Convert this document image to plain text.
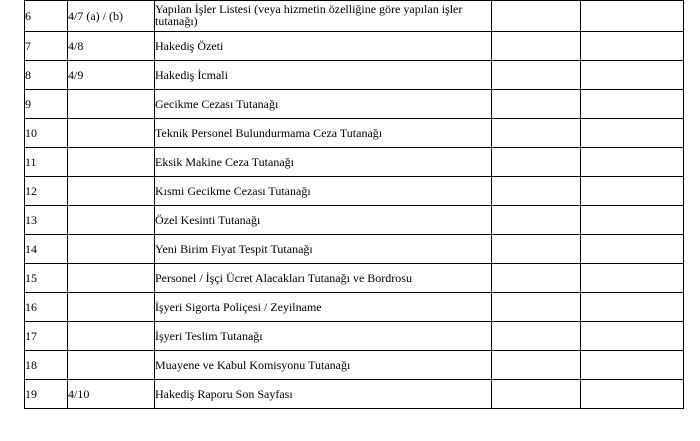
6	4/7 (a) / (b)	Yapılan İşler Listesi (veya hizmetin özelliğine göre yapılan işler tutanağı)		
7	4/8	Hakediş Özeti		
8	4/9	Hakediş İcmali		
9		Gecikme Cezası Tutanağı		
10		Teknik Personel Bulundurmama Ceza Tutanağı		
11		Eksik Makine Ceza Tutanağı		
12		Kısmi Gecikme Cezası Tutanağı		
13		Özel Kesinti Tutanağı		
14		Yeni Birim Fiyat Tespit Tutanağı		
15		Personel / İşçi Ücret Alacakları Tutanağı ve Bordrosu		
16		İşyeri Sigorta Poliçesi / Zeyilname		
17		İşyeri Teslim Tutanağı		
18		Muayene ve Kabul Komisyonu Tutanağı		
19	4/10	Hakediş Raporu Son Sayfası		
